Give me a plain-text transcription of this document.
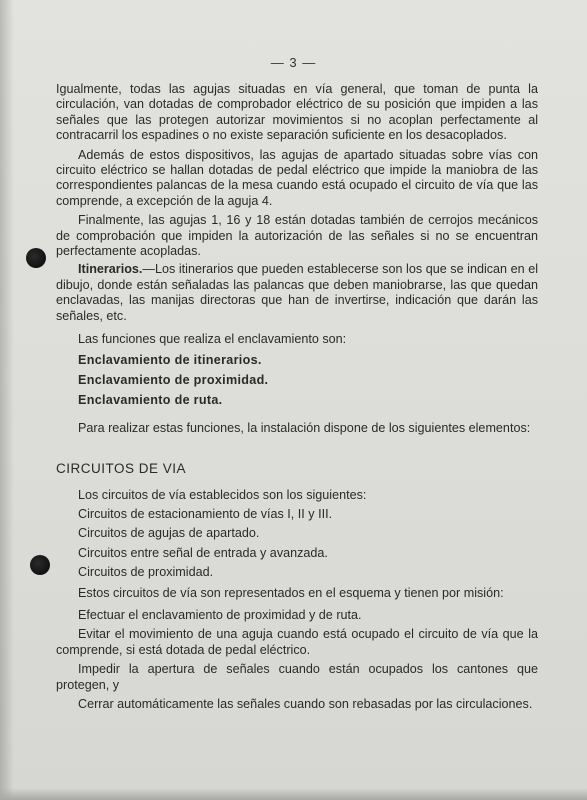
— 3 —

Igualmente, todas las agujas situadas en vía general, que toman de punta la circulación, van dotadas de comprobador eléctrico de su posición que impiden a las señales que las protegen autorizar movimientos si no acoplan perfectamente al contracarril los espadines o no existe separación suficiente en los desacoplados.

Además de estos dispositivos, las agujas de apartado situadas sobre vías con circuito eléctrico se hallan dotadas de pedal eléctrico que impide la maniobra de las correspondientes palancas de la mesa cuando está ocupado el circuito de vía que las comprende, a excepción de la aguja 4.

Finalmente, las agujas 1, 16 y 18 están dotadas también de cerrojos mecánicos de comprobación que impiden la autorización de las señales si no se encuentran perfectamente acopladas.

Itinerarios.—Los itinerarios que pueden establecerse son los que se indican en el dibujo, donde están señaladas las palancas que deben maniobrarse, las que quedan enclavadas, las manijas directoras que han de invertirse, indicación que darán las señales, etc.

Las funciones que realiza el enclavamiento son:

Enclavamiento de itinerarios.

Enclavamiento de proximidad.

Enclavamiento de ruta.

Para realizar estas funciones, la instalación dispone de los siguientes elementos:

CIRCUITOS DE VIA

Los circuitos de vía establecidos son los siguientes:

Circuitos de estacionamiento de vías I, II y III.

Circuitos de agujas de apartado.

Circuitos entre señal de entrada y avanzada.

Circuitos de proximidad.

Estos circuitos de vía son representados en el esquema y tienen por misión:

Efectuar el enclavamiento de proximidad y de ruta.

Evitar el movimiento de una aguja cuando está ocupado el circuito de vía que la comprende, si está dotada de pedal eléctrico.

Impedir la apertura de señales cuando están ocupados los cantones que protegen, y

Cerrar automáticamente las señales cuando son rebasadas por las circulaciones.
